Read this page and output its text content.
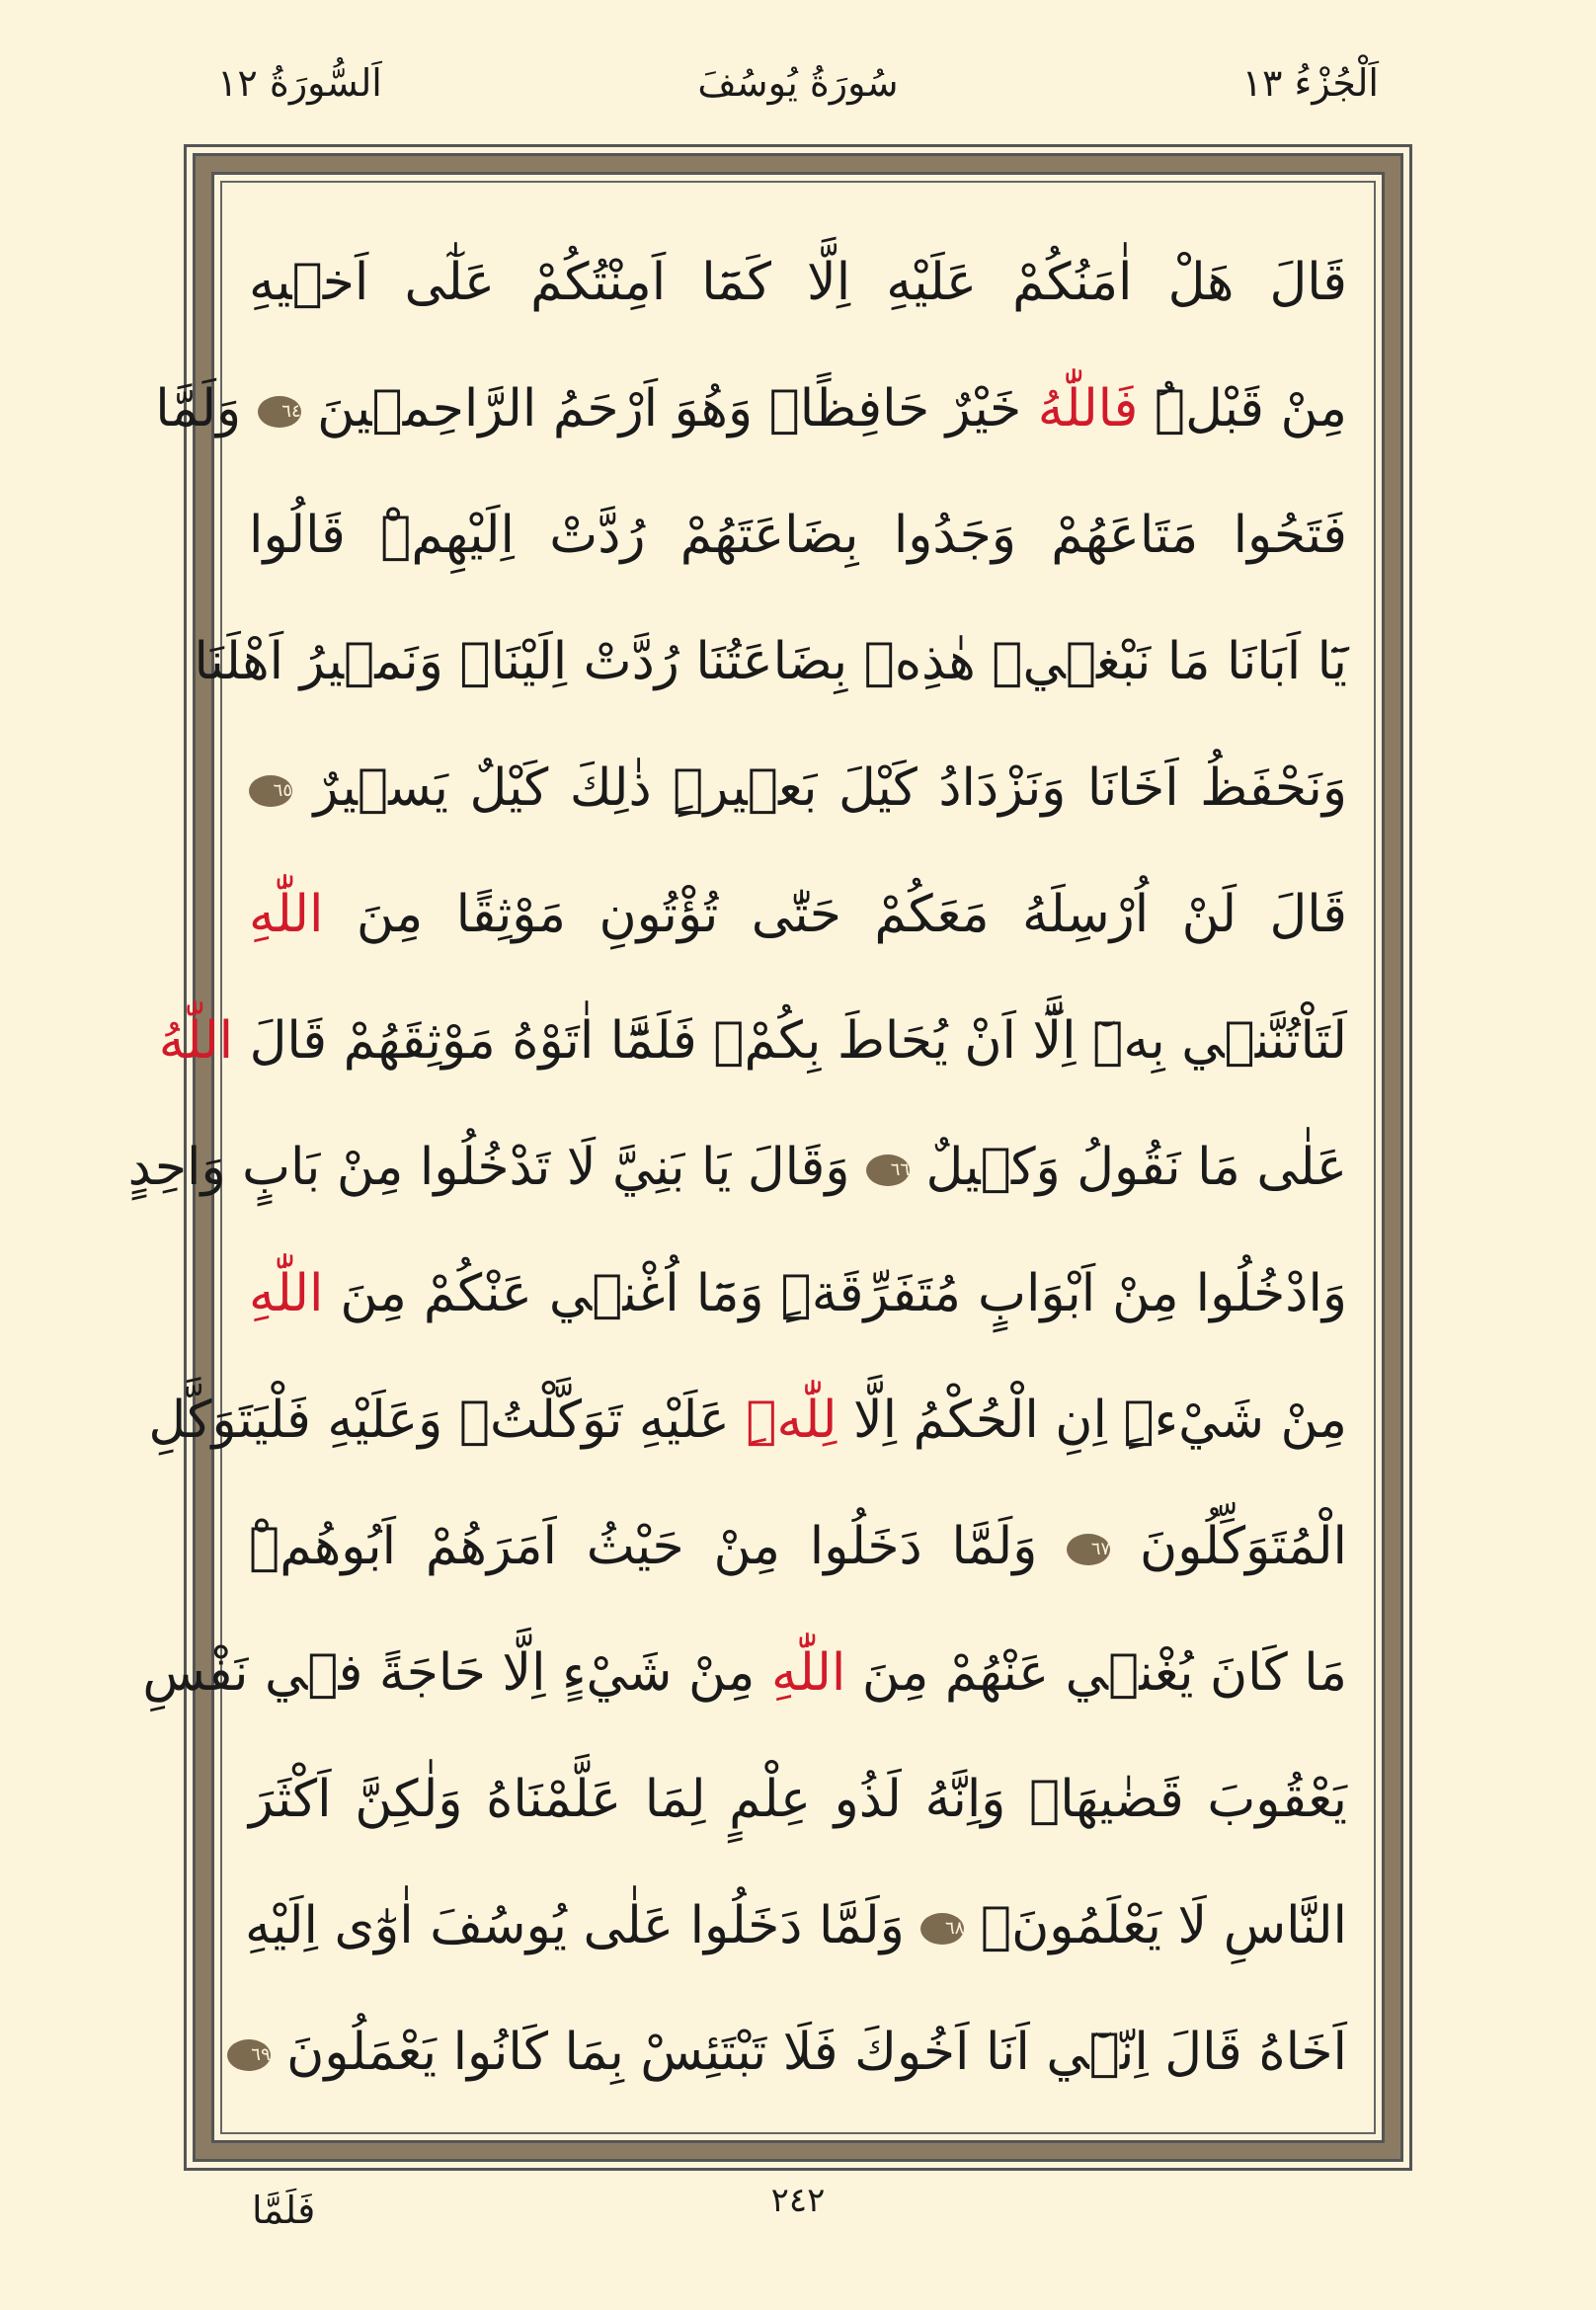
اَلْجُزْءُ ١٣
سُورَةُ يُوسُفَ
اَلسُّورَةُ ١٢
قَالَ هَلْ اٰمَنُكُمْ عَلَيْهِ اِلَّا كَمَٓا اَمِنْتُكُمْ عَلٰٓى اَخ۪يهِ
مِنْ قَبْلُۜ فَاللّٰهُ خَيْرٌ حَافِظًاۖ وَهُوَ اَرْحَمُ الرَّاحِم۪ينَ ٦٤ وَلَمَّا
فَتَحُوا مَتَاعَهُمْ وَجَدُوا بِضَاعَتَهُمْ رُدَّتْ اِلَيْهِمْۜ قَالُوا
يَٓا اَبَانَا مَا نَبْغ۪يۜ هٰذِه۪ بِضَاعَتُنَا رُدَّتْ اِلَيْنَاۚ وَنَم۪يرُ اَهْلَنَا
وَنَحْفَظُ اَخَانَا وَنَزْدَادُ كَيْلَ بَع۪يرٍۜ ذٰلِكَ كَيْلٌ يَس۪يرٌ ٦٥
قَالَ لَنْ اُرْسِلَهُ مَعَكُمْ حَتّٰى تُؤْتُونِ مَوْثِقًا مِنَ اللّٰهِ
لَتَاْتُنَّن۪ي بِه۪ٓ اِلَّٓا اَنْ يُحَاطَ بِكُمْۚ فَلَمَّٓا اٰتَوْهُ مَوْثِقَهُمْ قَالَ اللّٰهُ
عَلٰى مَا نَقُولُ وَك۪يلٌ ٦٦ وَقَالَ يَا بَنِيَّ لَا تَدْخُلُوا مِنْ بَابٍ وَاحِدٍ
وَادْخُلُوا مِنْ اَبْوَابٍ مُتَفَرِّقَةٍۜ وَمَٓا اُغْن۪ي عَنْكُمْ مِنَ اللّٰهِ
مِنْ شَيْءٍۜ اِنِ الْحُكْمُ اِلَّا لِلّٰهِۜ عَلَيْهِ تَوَكَّلْتُۚ وَعَلَيْهِ فَلْيَتَوَكَّلِ
الْمُتَوَكِّلُونَ ٦٧ وَلَمَّا دَخَلُوا مِنْ حَيْثُ اَمَرَهُمْ اَبُوهُمْۜ
مَا كَانَ يُغْن۪ي عَنْهُمْ مِنَ اللّٰهِ مِنْ شَيْءٍ اِلَّا حَاجَةً ف۪ي نَفْسِ
يَعْقُوبَ قَضٰيهَاۜ وَاِنَّهُ لَذُو عِلْمٍ لِمَا عَلَّمْنَاهُ وَلٰكِنَّ اَكْثَرَ
النَّاسِ لَا يَعْلَمُونَ۟ ٦٨ وَلَمَّا دَخَلُوا عَلٰى يُوسُفَ اٰوٰٓى اِلَيْهِ
اَخَاهُ قَالَ اِنّ۪ٓي اَنَا اَخُوكَ فَلَا تَبْتَئِسْ بِمَا كَانُوا يَعْمَلُونَ ٦٩
٢٤٢
فَلَمَّا
